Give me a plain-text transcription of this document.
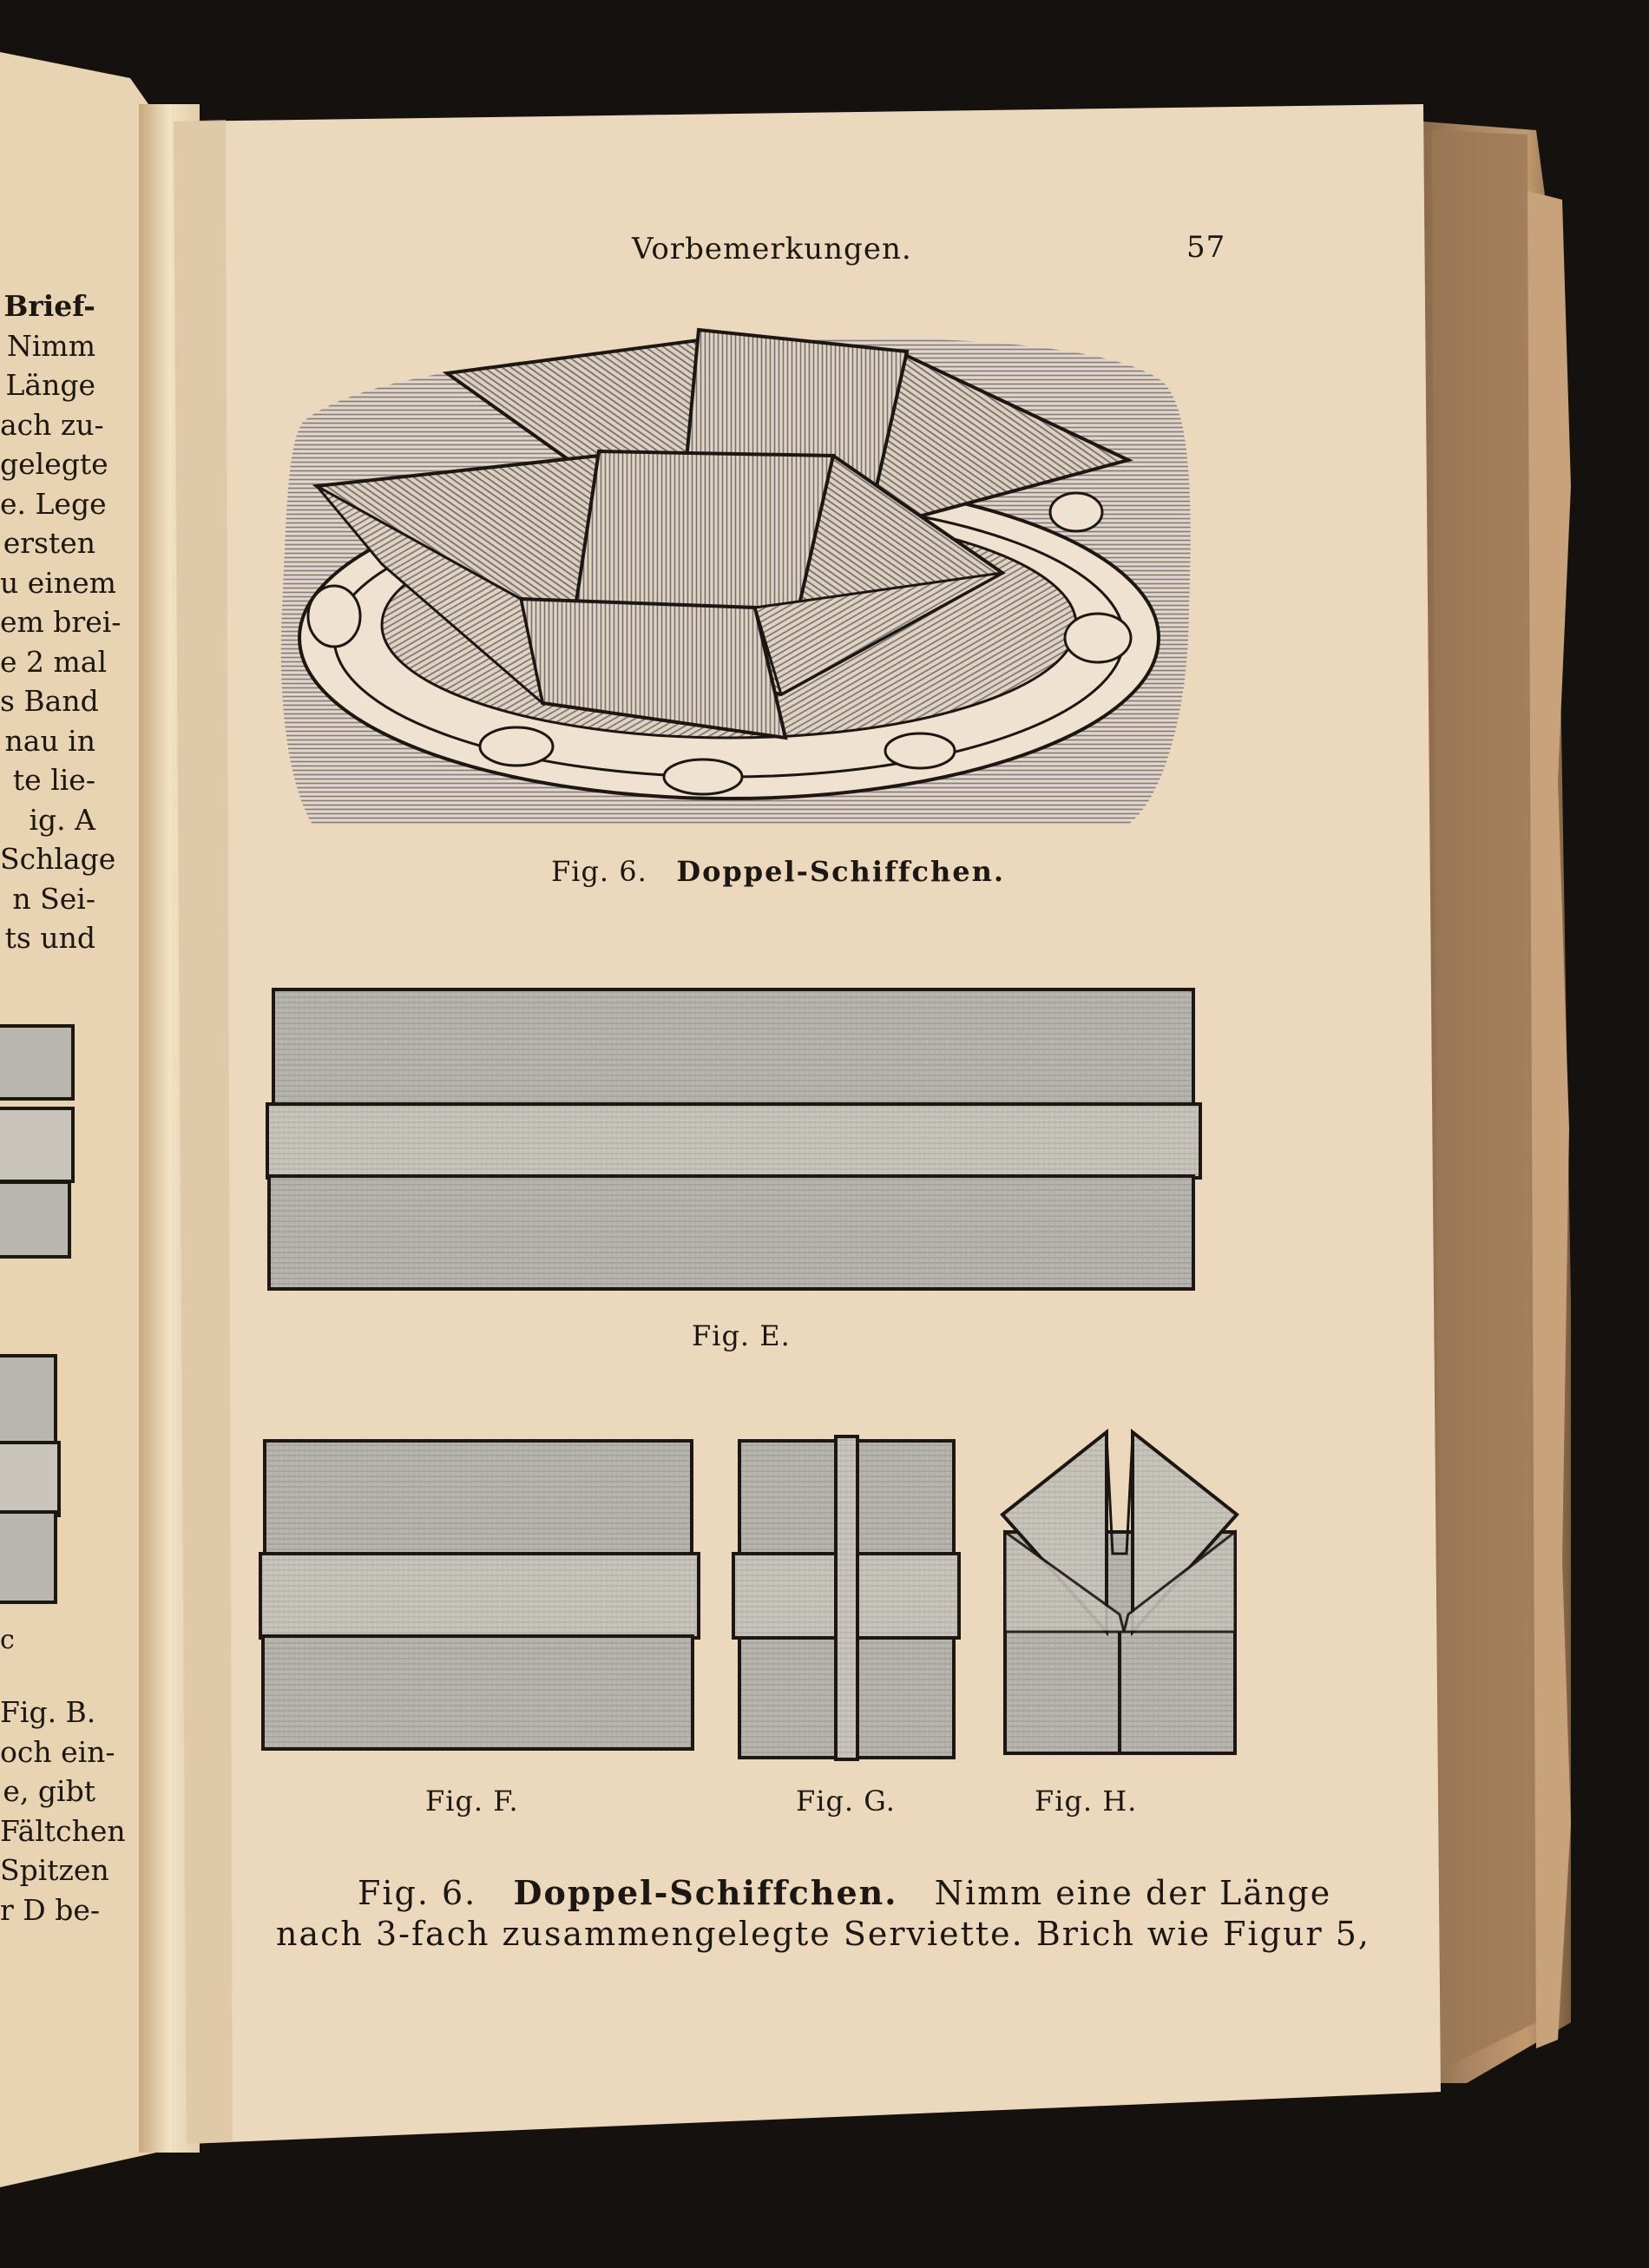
Brief-
Nimm
Länge
ach zu-
gelegte
e. Lege
ersten
u einem
em brei-
e 2 mal
s Band
nau in
te lie-
ig. A
Schlage
n Sei-
ts und
c
Fig. B.
och ein-
e, gibt
Fältchen
Spitzen
r D be-
Vorbemerkungen.	57
Fig. 6. Doppel-Schiffchen.
Fig. E.
Fig. F.	Fig. G.	Fig. H.
Fig. 6. Doppel-Schiffchen. Nimm eine der Länge
nach 3-fach zusammengelegte Serviette. Brich wie Figur 5,
